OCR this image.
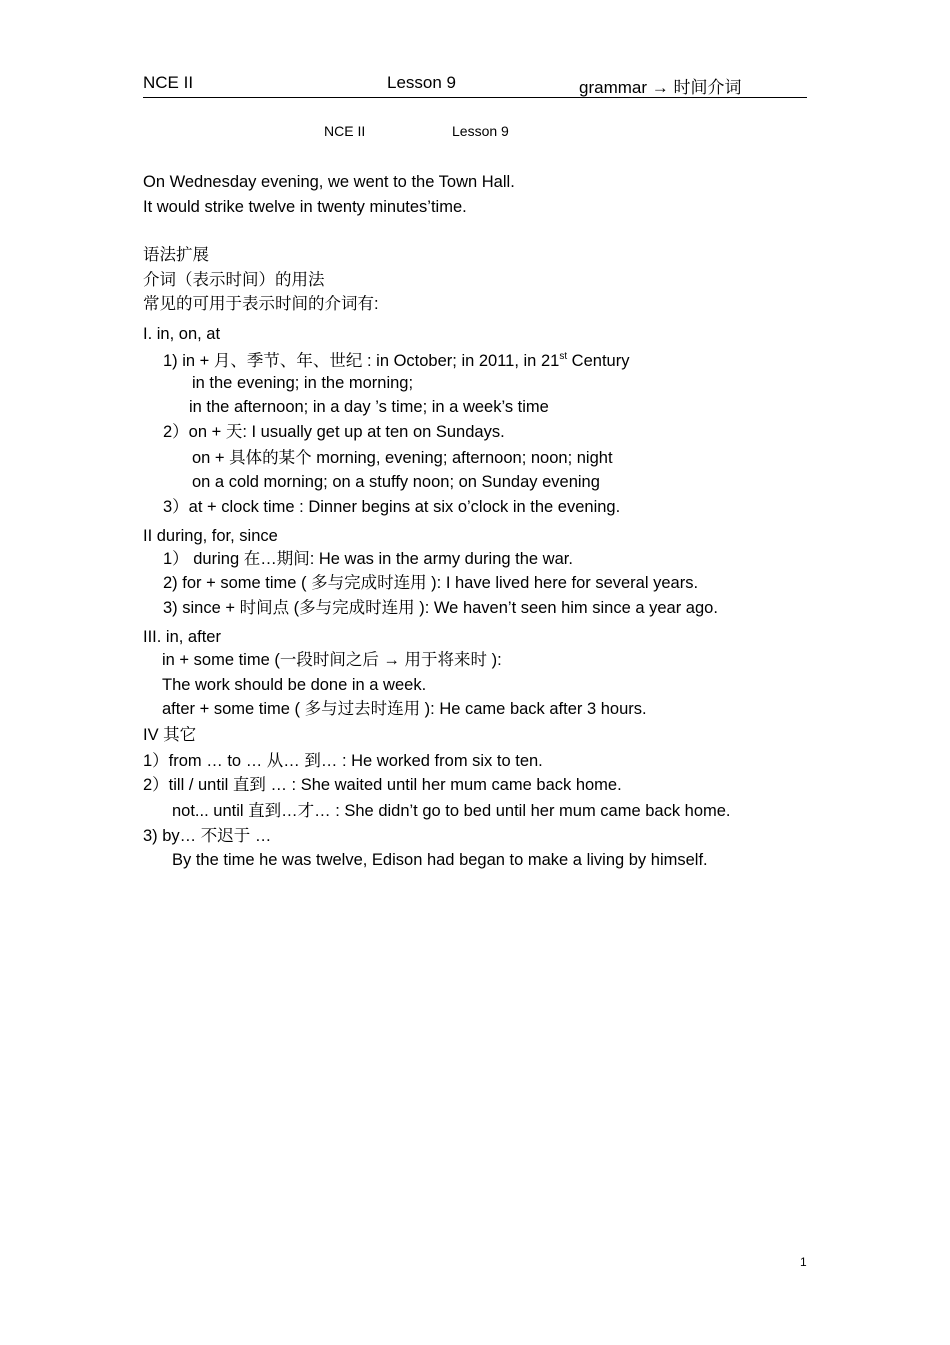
NCE II	Lesson 9	grammar → 时间介词
NCE II	Lesson 9
On Wednesday evening, we went to the Town Hall.
It would strike twelve in twenty minutes’time.
语法扩展
介词（表示时间）的用法
常见的可用于表示时间的介词有:
I. in, on, at
1) in + 月、季节、年、世纪 : in October; in 2011, in 21st Century
in the evening; in the morning;
in the afternoon; in a day ’s time; in a week’s time
2）on + 天: I usually get up at ten on Sundays.
on + 具体的某个 morning, evening; afternoon; noon; night
on a cold morning; on a stuffy noon; on Sunday evening
3）at + clock time : Dinner begins at six o’clock in the evening.
II during, for, since
1） during 在…期间: He was in the army during the war.
2) for + some time ( 多与完成时连用 ): I have lived here for several years.
3) since + 时间点 (多与完成时连用 ): We haven’t seen him since a year ago.
III. in, after
in + some time (一段时间之后 → 用于将来时 ):
The work should be done in a week.
after + some time ( 多与过去时连用 ): He came back after 3 hours.
IV 其它
1）from … to … 从… 到… : He worked from six to ten.
2）till / until 直到 … : She waited until her mum came back home.
not... until 直到…才… : She didn’t go to bed until her mum came back home.
3) by… 不迟于 …
By the time he was twelve, Edison had began to make a living by himself.
1
